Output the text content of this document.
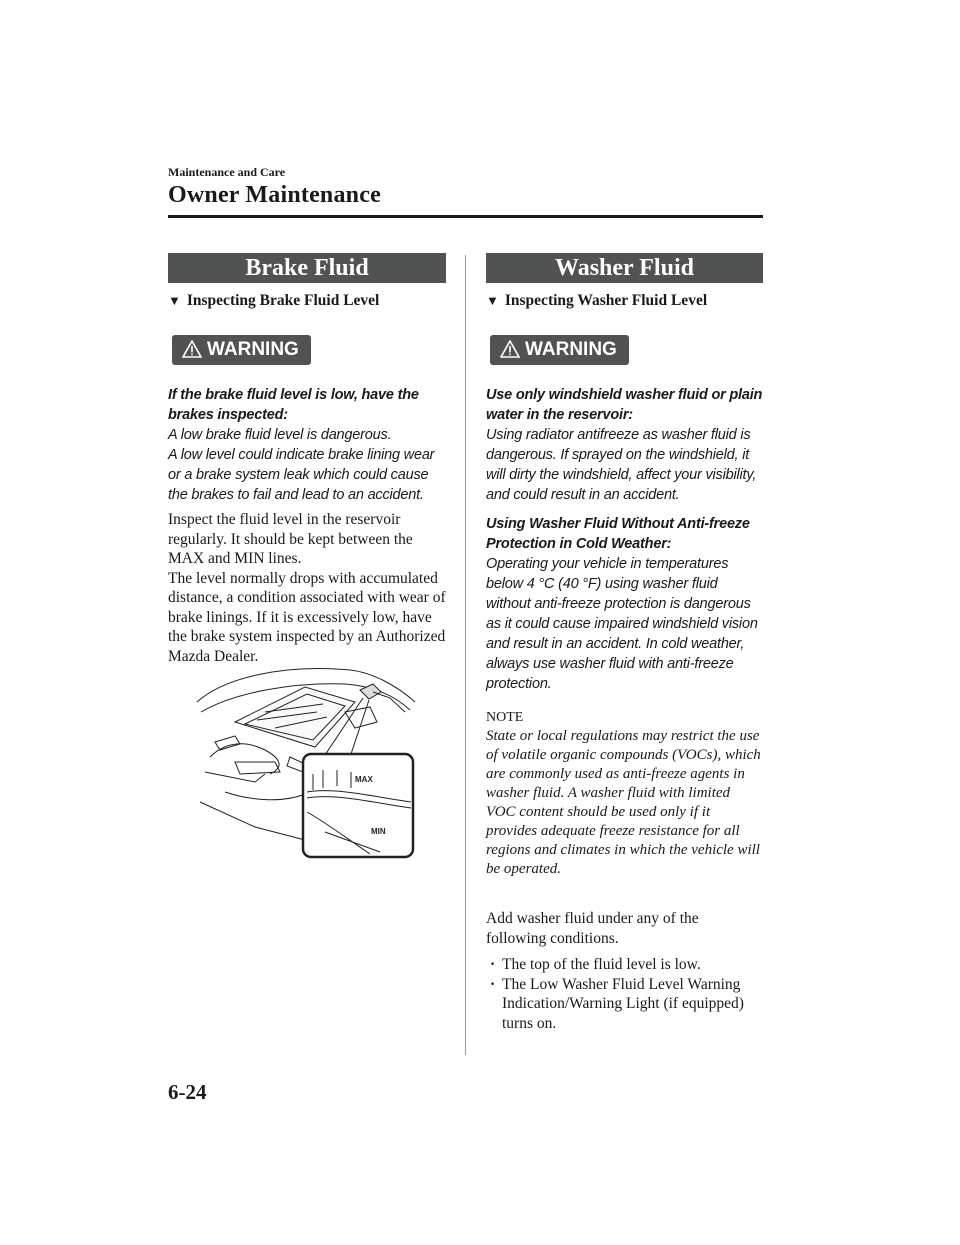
Maintenance and Care
Owner Maintenance
Brake Fluid
▼ Inspecting Brake Fluid Level
WARNING
If the brake fluid level is low, have the brakes inspected:
A low brake fluid level is dangerous.
A low level could indicate brake lining wear or a brake system leak which could cause the brakes to fail and lead to an accident.
Inspect the fluid level in the reservoir regularly. It should be kept between the MAX and MIN lines.
The level normally drops with accumulated distance, a condition associated with wear of brake linings. If it is excessively low, have the brake system inspected by an Authorized Mazda Dealer.
MAX
MIN
Washer Fluid
▼ Inspecting Washer Fluid Level
WARNING
Use only windshield washer fluid or plain water in the reservoir:
Using radiator antifreeze as washer fluid is dangerous. If sprayed on the windshield, it will dirty the windshield, affect your visibility, and could result in an accident.
Using Washer Fluid Without Anti-freeze Protection in Cold Weather:
Operating your vehicle in temperatures below 4 °C (40 °F) using washer fluid without anti-freeze protection is dangerous as it could cause impaired windshield vision and result in an accident. In cold weather, always use washer fluid with anti-freeze protection.
NOTE
State or local regulations may restrict the use of volatile organic compounds (VOCs), which are commonly used as anti-freeze agents in washer fluid. A washer fluid with limited VOC content should be used only if it provides adequate freeze resistance for all regions and climates in which the vehicle will be operated.
Add washer fluid under any of the following conditions.
· The top of the fluid level is low.
· The Low Washer Fluid Level Warning Indication/Warning Light (if equipped) turns on.
6-24
